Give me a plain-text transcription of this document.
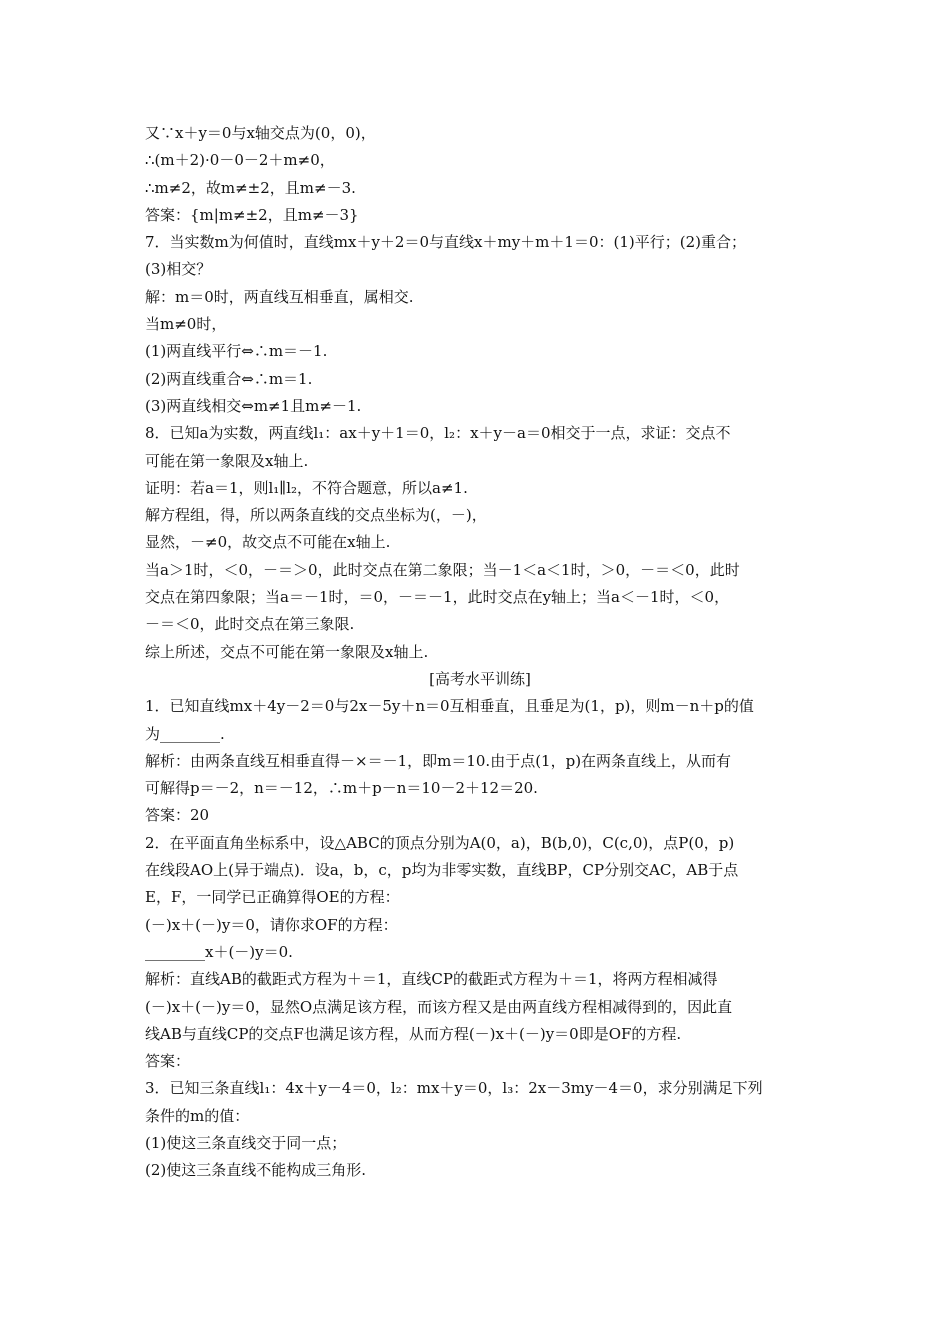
又∵x＋y＝0与x轴交点为(0，0)，
∴(m＋2)·0－0－2＋m≠0，
∴m≠2，故m≠±2，且m≠－3.
答案：{m|m≠±2，且m≠－3}
7．当实数m为何值时，直线mx＋y＋2＝0与直线x＋my＋m＋1＝0：(1)平行；(2)重合；
(3)相交？
解：m＝0时，两直线互相垂直，属相交.
当m≠0时，
(1)两直线平行⇔∴m＝－1.
(2)两直线重合⇔∴m＝1.
(3)两直线相交⇔m≠1且m≠－1.
8．已知a为实数，两直线l₁：ax＋y＋1＝0，l₂：x＋y－a＝0相交于一点，求证：交点不
可能在第一象限及x轴上.
证明：若a＝1，则l₁∥l₂，不符合题意，所以a≠1.
解方程组，得，所以两条直线的交点坐标为(，－)，
显然，－≠0，故交点不可能在x轴上.
当a＞1时，＜0，－＝＞0，此时交点在第二象限；当－1＜a＜1时，＞0，－＝＜0，此时
交点在第四象限；当a＝－1时，＝0，－＝－1，此时交点在y轴上；当a＜－1时，＜0，
－＝＜0，此时交点在第三象限.
综上所述，交点不可能在第一象限及x轴上.
[高考水平训练]
1．已知直线mx＋4y－2＝0与2x－5y＋n＝0互相垂直，且垂足为(1，p)，则m－n＋p的值
为________.
解析：由两条直线互相垂直得－×＝－1，即m＝10.由于点(1，p)在两条直线上，从而有
可解得p＝－2，n＝－12，∴m＋p－n＝10－2＋12＝20.
答案：20
2．在平面直角坐标系中，设△ABC的顶点分别为A(0，a)，B(b,0)，C(c,0)，点P(0，p)
在线段AO上(异于端点)．设a，b，c，p均为非零实数，直线BP，CP分别交AC，AB于点
E，F，一同学已正确算得OE的方程：
(－)x＋(－)y＝0，请你求OF的方程：
________x＋(－)y＝0.
解析：直线AB的截距式方程为＋＝1，直线CP的截距式方程为＋＝1，将两方程相减得
(－)x＋(－)y＝0，显然O点满足该方程，而该方程又是由两直线方程相减得到的，因此直
线AB与直线CP的交点F也满足该方程，从而方程(－)x＋(－)y＝0即是OF的方程.
答案：
3．已知三条直线l₁：4x＋y－4＝0，l₂：mx＋y＝0，l₃：2x－3my－4＝0，求分别满足下列
条件的m的值：
(1)使这三条直线交于同一点；
(2)使这三条直线不能构成三角形.
